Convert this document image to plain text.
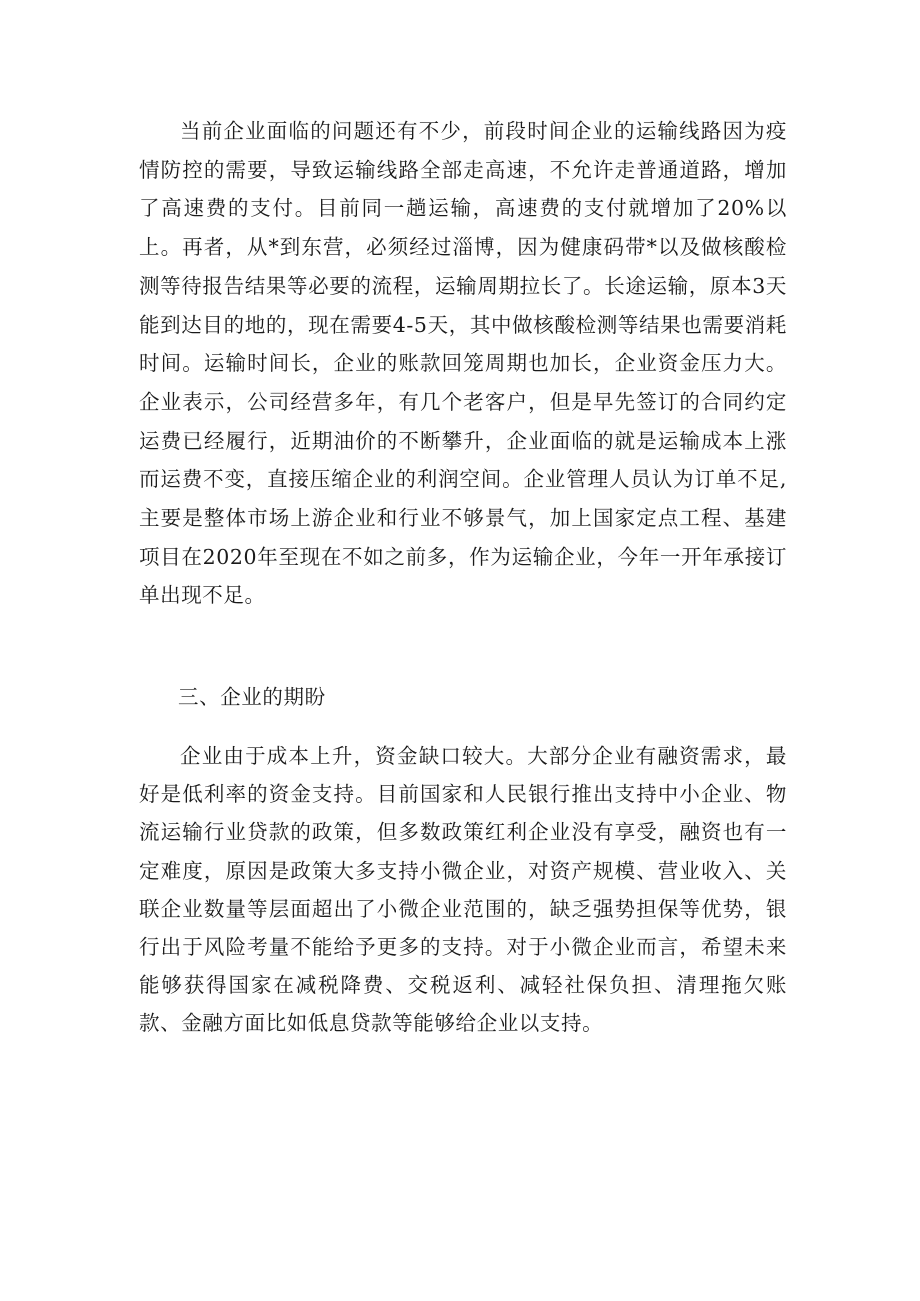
当前企业面临的问题还有不少，前段时间企业的运输线路因为疫情防控的需要，导致运输线路全部走高速，不允许走普通道路，增加了高速费的支付。目前同一趟运输，高速费的支付就增加了20%以上。再者，从*到东营，必须经过淄博，因为健康码带*以及做核酸检测等待报告结果等必要的流程，运输周期拉长了。长途运输，原本3天能到达目的地的，现在需要4-5天，其中做核酸检测等结果也需要消耗时间。运输时间长，企业的账款回笼周期也加长，企业资金压力大。企业表示，公司经营多年，有几个老客户，但是早先签订的合同约定运费已经履行，近期油价的不断攀升，企业面临的就是运输成本上涨而运费不变，直接压缩企业的利润空间。企业管理人员认为订单不足,主要是整体市场上游企业和行业不够景气，加上国家定点工程、基建项目在2020年至现在不如之前多，作为运输企业，今年一开年承接订单出现不足。

三、企业的期盼

企业由于成本上升，资金缺口较大。大部分企业有融资需求，最好是低利率的资金支持。目前国家和人民银行推出支持中小企业、物流运输行业贷款的政策，但多数政策红利企业没有享受，融资也有一定难度，原因是政策大多支持小微企业，对资产规模、营业收入、关联企业数量等层面超出了小微企业范围的，缺乏强势担保等优势，银行出于风险考量不能给予更多的支持。对于小微企业而言，希望未来能够获得国家在减税降费、交税返利、减轻社保负担、清理拖欠账款、金融方面比如低息贷款等能够给企业以支持。
